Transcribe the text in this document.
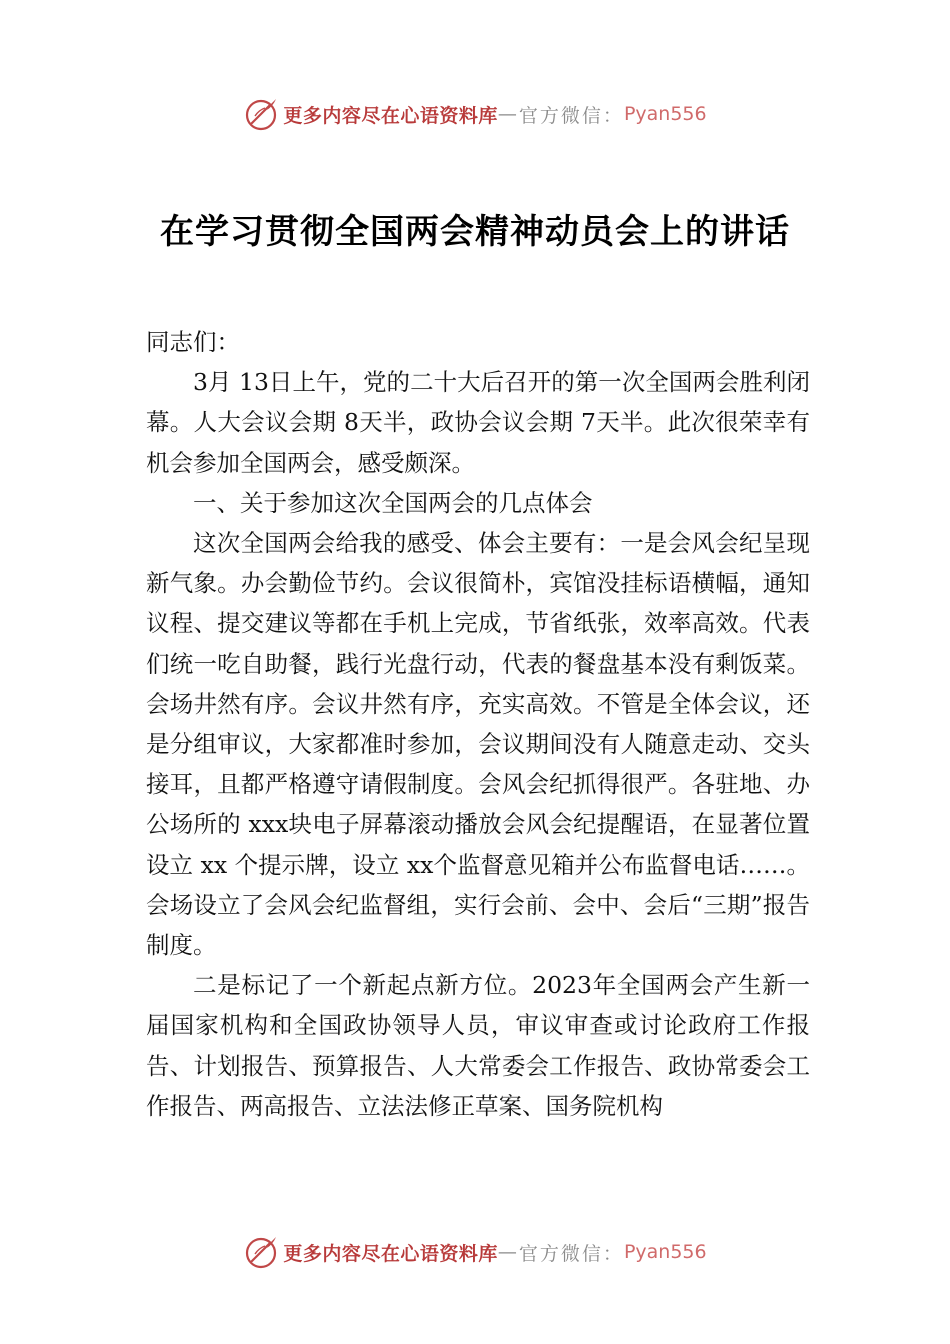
更多内容尽在心语资料库 — 官方微信： Pyan556
在学习贯彻全国两会精神动员会上的讲话

同志们：

3月 13日上午，党的二十大后召开的第一次全国两会胜利闭幕。人大会议会期 8天半，政协会议会期 7天半。此次很荣幸有机会参加全国两会，感受颇深。

一、关于参加这次全国两会的几点体会

这次全国两会给我的感受、体会主要有：一是会风会纪呈现新气象。办会勤俭节约。会议很简朴，宾馆没挂标语横幅，通知议程、提交建议等都在手机上完成，节省纸张，效率高效。代表们统一吃自助餐，践行光盘行动，代表的餐盘基本没有剩饭菜。会场井然有序。会议井然有序，充实高效。不管是全体会议，还是分组审议，大家都准时参加，会议期间没有人随意走动、交头接耳，且都严格遵守请假制度。会风会纪抓得很严。各驻地、办公场所的 xxx块电子屏幕滚动播放会风会纪提醒语，在显著位置设立 xx 个提示牌，设立 xx个监督意见箱并公布监督电话……。会场设立了会风会纪监督组，实行会前、会中、会后“三期”报告制度。

二是标记了一个新起点新方位。2023年全国两会产生新一届国家机构和全国政协领导人员，审议审查或讨论政府工作报告、计划报告、预算报告、人大常委会工作报告、政协常委会工作报告、两高报告、立法法修正草案、国务院机构

更多内容尽在心语资料库 — 官方微信： Pyan556
